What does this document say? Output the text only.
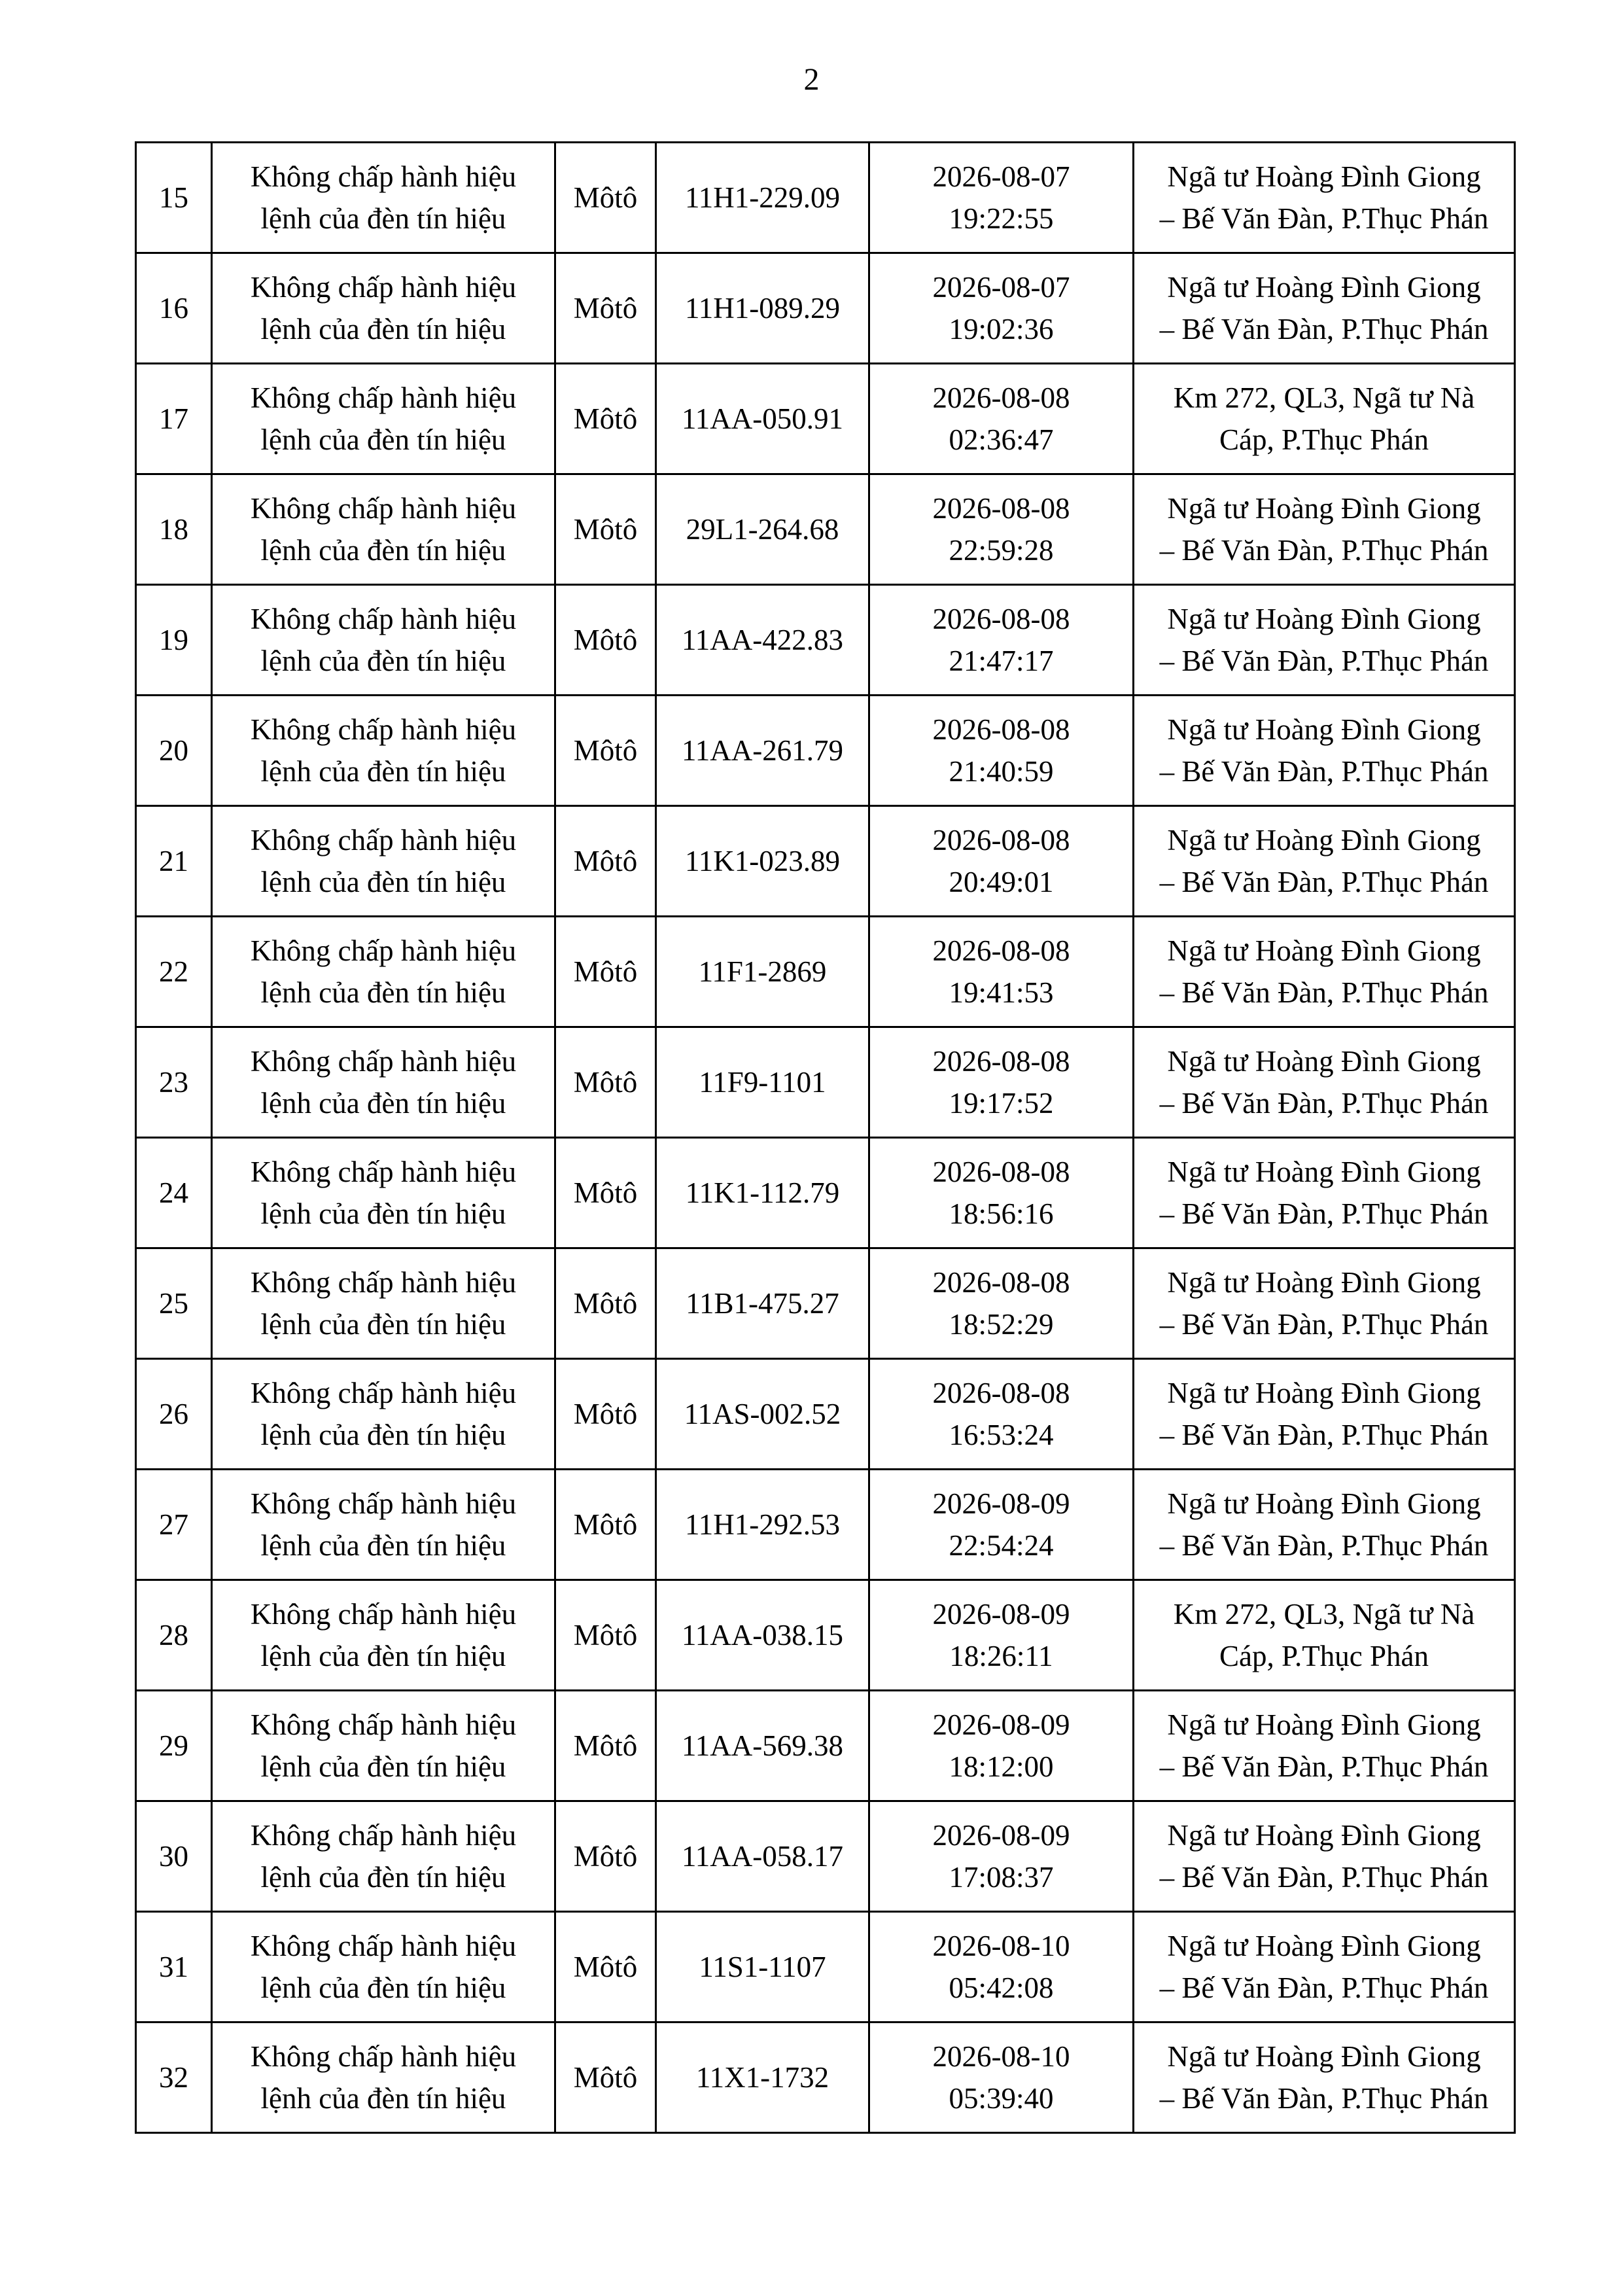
2
15	Không chấp hành hiệu
lệnh của đèn tín hiệu	Môtô	11H1-229.09	2026-08-07
19:22:55	Ngã tư Hoàng Đình Giong
– Bế Văn Đàn, P.Thục Phán

16	Không chấp hành hiệu
lệnh của đèn tín hiệu	Môtô	11H1-089.29	2026-08-07
19:02:36	Ngã tư Hoàng Đình Giong
– Bế Văn Đàn, P.Thục Phán

17	Không chấp hành hiệu
lệnh của đèn tín hiệu	Môtô	11AA-050.91	2026-08-08
02:36:47	Km 272, QL3, Ngã tư Nà
Cáp, P.Thục Phán

18	Không chấp hành hiệu
lệnh của đèn tín hiệu	Môtô	29L1-264.68	2026-08-08
22:59:28	Ngã tư Hoàng Đình Giong
– Bế Văn Đàn, P.Thục Phán

19	Không chấp hành hiệu
lệnh của đèn tín hiệu	Môtô	11AA-422.83	2026-08-08
21:47:17	Ngã tư Hoàng Đình Giong
– Bế Văn Đàn, P.Thục Phán

20	Không chấp hành hiệu
lệnh của đèn tín hiệu	Môtô	11AA-261.79	2026-08-08
21:40:59	Ngã tư Hoàng Đình Giong
– Bế Văn Đàn, P.Thục Phán

21	Không chấp hành hiệu
lệnh của đèn tín hiệu	Môtô	11K1-023.89	2026-08-08
20:49:01	Ngã tư Hoàng Đình Giong
– Bế Văn Đàn, P.Thục Phán

22	Không chấp hành hiệu
lệnh của đèn tín hiệu	Môtô	11F1-2869	2026-08-08
19:41:53	Ngã tư Hoàng Đình Giong
– Bế Văn Đàn, P.Thục Phán

23	Không chấp hành hiệu
lệnh của đèn tín hiệu	Môtô	11F9-1101	2026-08-08
19:17:52	Ngã tư Hoàng Đình Giong
– Bế Văn Đàn, P.Thục Phán

24	Không chấp hành hiệu
lệnh của đèn tín hiệu	Môtô	11K1-112.79	2026-08-08
18:56:16	Ngã tư Hoàng Đình Giong
– Bế Văn Đàn, P.Thục Phán

25	Không chấp hành hiệu
lệnh của đèn tín hiệu	Môtô	11B1-475.27	2026-08-08
18:52:29	Ngã tư Hoàng Đình Giong
– Bế Văn Đàn, P.Thục Phán

26	Không chấp hành hiệu
lệnh của đèn tín hiệu	Môtô	11AS-002.52	2026-08-08
16:53:24	Ngã tư Hoàng Đình Giong
– Bế Văn Đàn, P.Thục Phán

27	Không chấp hành hiệu
lệnh của đèn tín hiệu	Môtô	11H1-292.53	2026-08-09
22:54:24	Ngã tư Hoàng Đình Giong
– Bế Văn Đàn, P.Thục Phán

28	Không chấp hành hiệu
lệnh của đèn tín hiệu	Môtô	11AA-038.15	2026-08-09
18:26:11	Km 272, QL3, Ngã tư Nà
Cáp, P.Thục Phán

29	Không chấp hành hiệu
lệnh của đèn tín hiệu	Môtô	11AA-569.38	2026-08-09
18:12:00	Ngã tư Hoàng Đình Giong
– Bế Văn Đàn, P.Thục Phán

30	Không chấp hành hiệu
lệnh của đèn tín hiệu	Môtô	11AA-058.17	2026-08-09
17:08:37	Ngã tư Hoàng Đình Giong
– Bế Văn Đàn, P.Thục Phán

31	Không chấp hành hiệu
lệnh của đèn tín hiệu	Môtô	11S1-1107	2026-08-10
05:42:08	Ngã tư Hoàng Đình Giong
– Bế Văn Đàn, P.Thục Phán

32	Không chấp hành hiệu
lệnh của đèn tín hiệu	Môtô	11X1-1732	2026-08-10
05:39:40	Ngã tư Hoàng Đình Giong
– Bế Văn Đàn, P.Thục Phán
